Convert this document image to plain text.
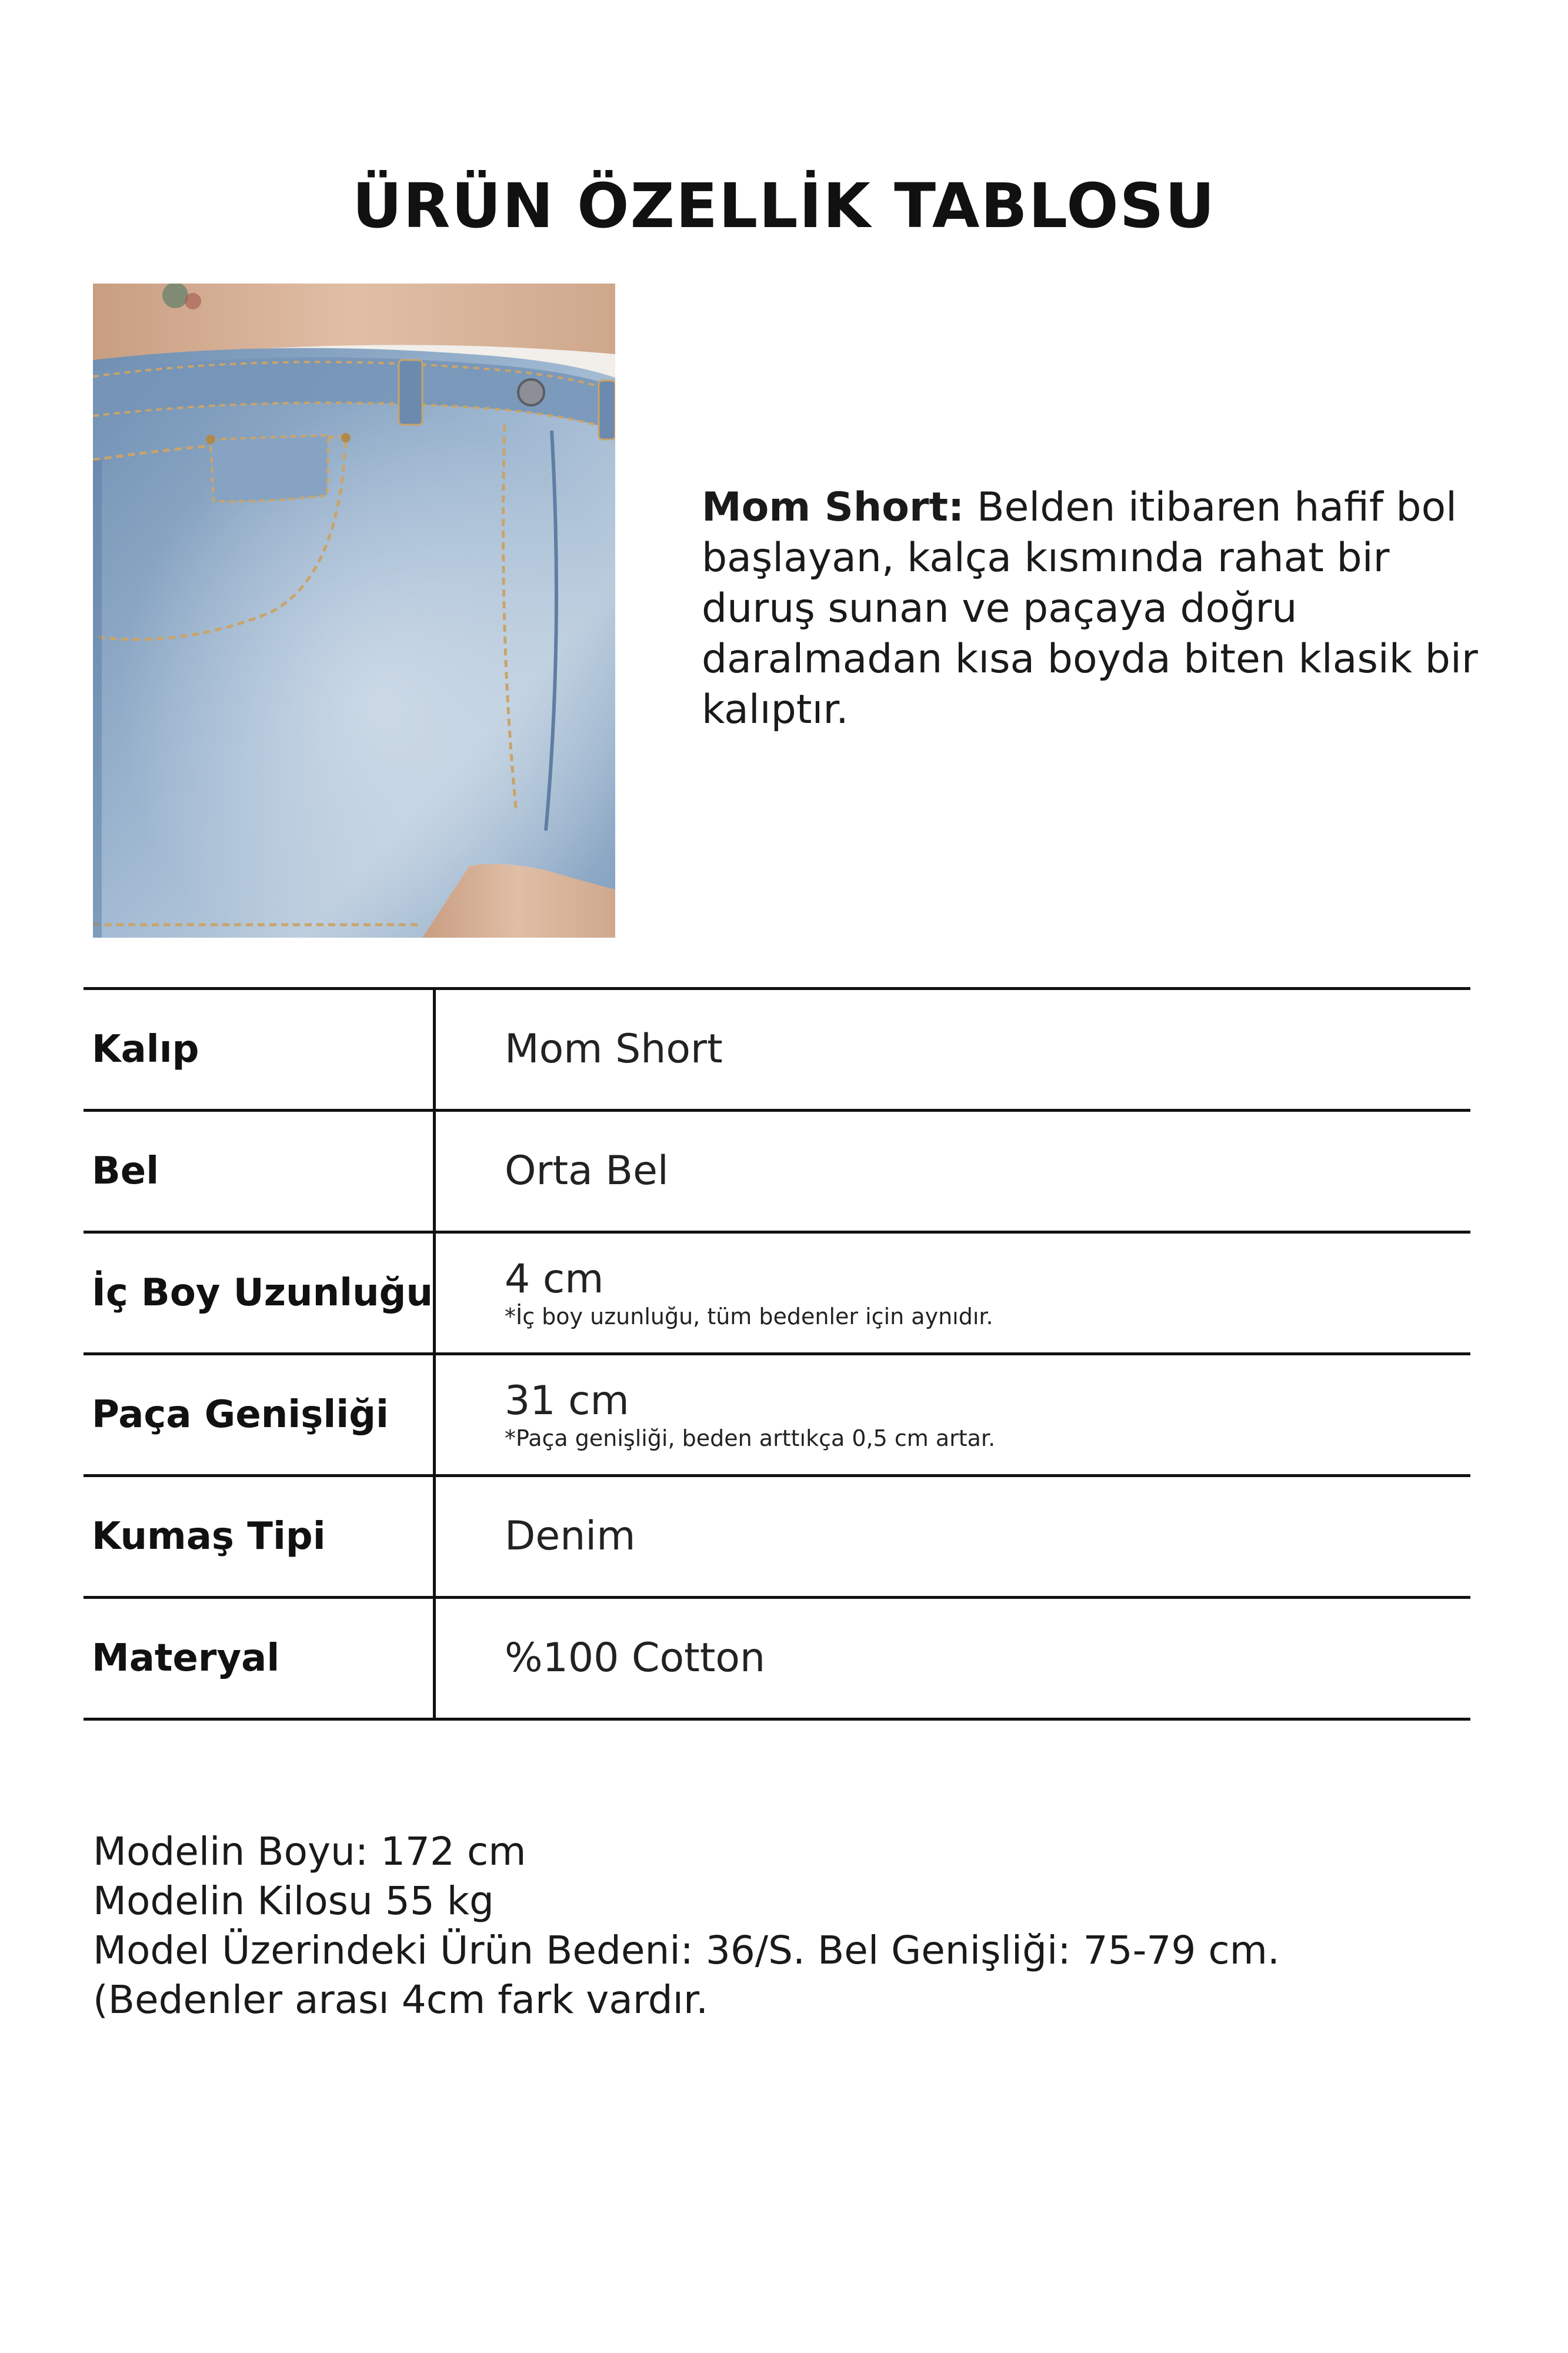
ÜRÜN ÖZELLİK TABLOSU

Mom Short: Belden itibaren hafif bol başlayan, kalça kısmında rahat bir duruş sunan ve paçaya doğru daralmadan kısa boyda biten klasik bir kalıptır.

Kalıp	Mom Short
Bel	Orta Bel
İç Boy Uzunluğu 4 cm
*İç boy uzunluğu, tüm bedenler için aynıdır.
Paça Genişliği	31 cm
*Paça genişliği, beden arttıkça 0,5 cm artar.
Kumaş Tipi	Denim
Materyal	%100 Cotton

Modelin Boyu: 172 cm

Modelin Kilosu 55 kg

Model Üzerindeki Ürün Bedeni: 36/S. Bel Genişliği: 75-79 cm. (Bedenler arası 4cm fark vardır.
